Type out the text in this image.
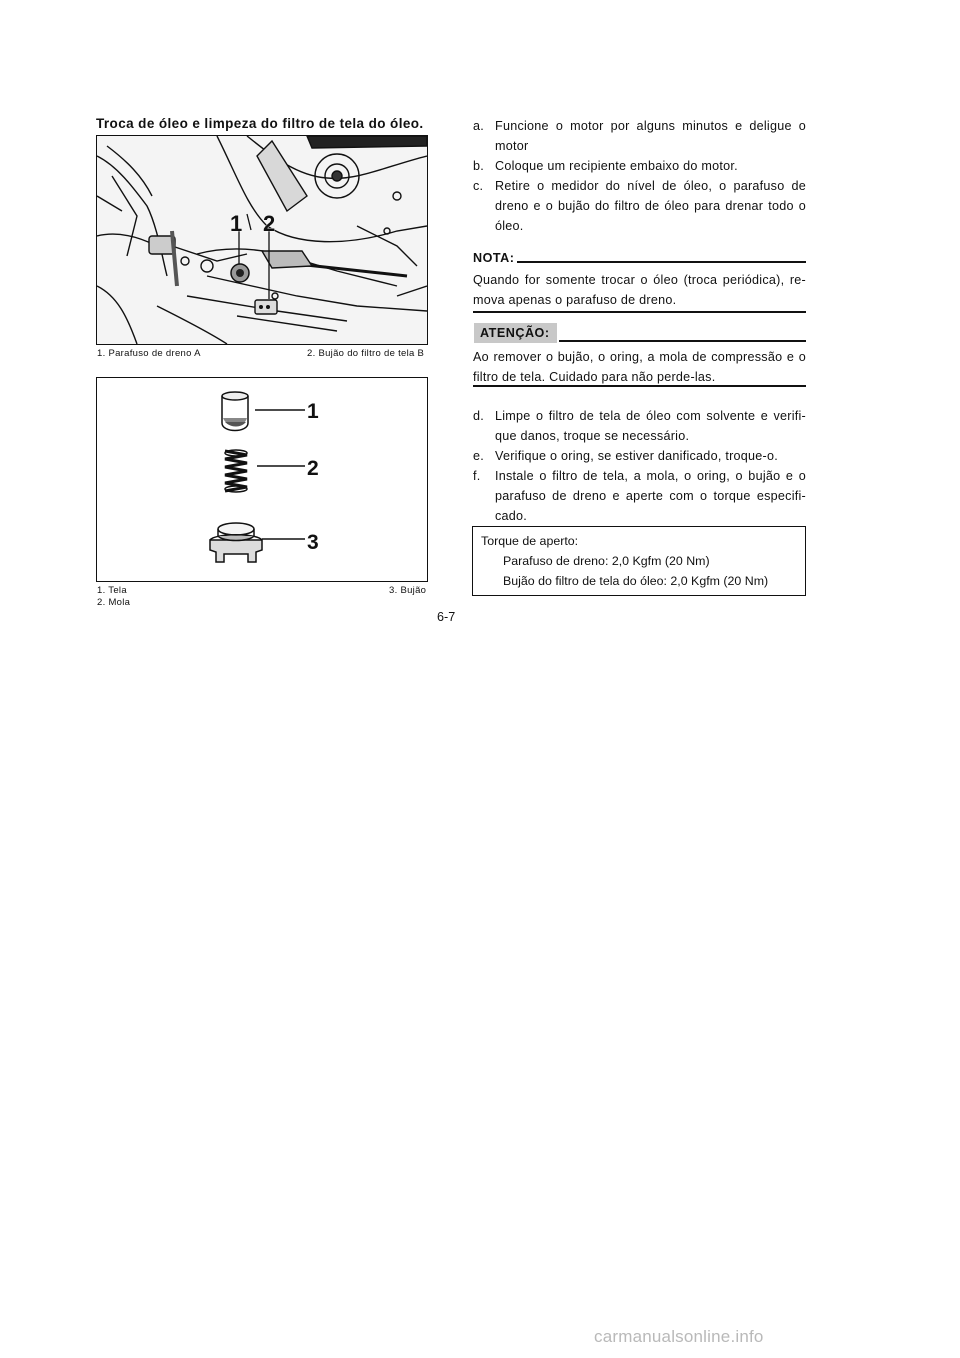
Troca de óleo e limpeza do filtro de tela do óleo.
1 2
1. Parafuso de dreno A	2. Bujão do filtro de tela B
1
2
3
1. Tela
2. Mola
3. Bujão
a. Funcione o motor por alguns minutos e deligue o motor
b. Coloque um recipiente embaixo do motor.
c. Retire o medidor do nível de óleo, o parafuso de dreno e o bujão do filtro de óleo para drenar todo o óleo.
NOTA:
Quando for somente trocar o óleo (troca periódica), re-mova apenas o parafuso de dreno.
ATENÇÃO:
Ao remover o bujão, o oring, a mola de compressão e o filtro de tela. Cuidado para não perde-las.
d. Limpe o filtro de tela de óleo com solvente e verifi-que danos, troque se necessário.
e. Verifique o oring, se estiver danificado, troque-o.
f. Instale o filtro de tela, a mola, o oring, o bujão e o parafuso de dreno e aperte com o torque especifi-cado.
Torque de aperto:
Parafuso de dreno: 2,0 Kgfm (20 Nm)
Bujão do filtro de tela do óleo: 2,0 Kgfm (20 Nm)
6-7
carmanualsonline.info
